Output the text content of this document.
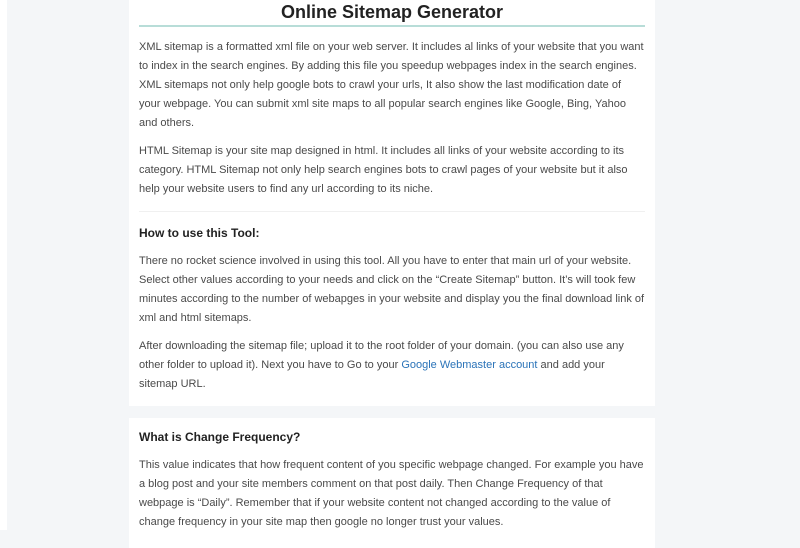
Online Sitemap Generator

XML sitemap is a formatted xml file on your web server. It includes al links of your website that you want to index in the search engines. By adding this file you speedup webpages index in the search engines. XML sitemaps not only help google bots to crawl your urls, It also show the last modification date of your webpage. You can submit xml site maps to all popular search engines like Google, Bing, Yahoo and others.

HTML Sitemap is your site map designed in html. It includes all links of your website according to its category. HTML Sitemap not only help search engines bots to crawl pages of your website but it also help your website users to find any url according to its niche.

How to use this Tool:

There no rocket science involved in using this tool. All you have to enter that main url of your website. Select other values according to your needs and click on the “Create Sitemap” button. It’s will took few minutes according to the number of webapges in your website and display you the final download link of xml and html sitemaps.

After downloading the sitemap file; upload it to the root folder of your domain. (you can also use any other folder to upload it). Next you have to Go to your Google Webmaster account and add your sitemap URL.

What is Change Frequency?

This value indicates that how frequent content of you specific webpage changed. For example you have a blog post and your site members comment on that post daily. Then Change Frequency of that webpage is “Daily”. Remember that if your website content not changed according to the value of change frequency in your site map then google no longer trust your values.
